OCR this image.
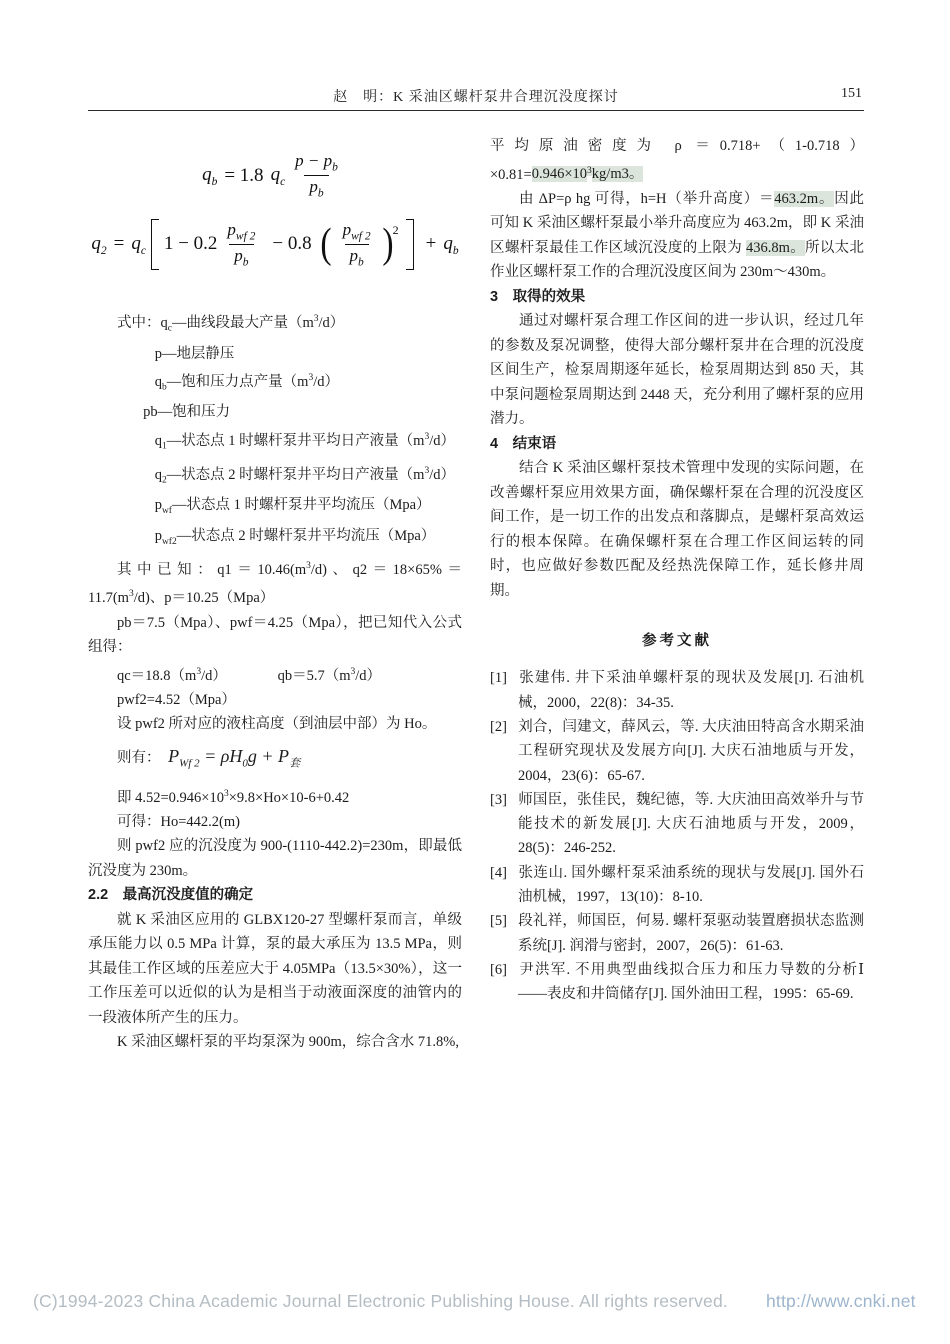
赵　明：K 采油区螺杆泵井合理沉没度探讨	151
$q_b = 1.8$ $q_c \frac{p - p_b}{p_b}$
$q_2 = q_c$ $1 - 0.2 \frac{p_{wf 2}}{p_b} - 0.8$ ( $\frac{p_{wf 2}}{p_b} )^2$
+ $q_b$
式中：$q_c—$曲线段最大产量$(m^3/d)$
p—地层静压
$q_b—$饱和压力点产量$(m^3/d)$
pb—饱和压力
$q_1—$状态点 1 时螺杆泵井平均日产液量$(m^3/d)$
$q_2—$状态点 2 时螺杆泵井平均日产液量$(m^3/d)$
$p_{wf}—$状态点 1 时螺杆泵井平均流压（Mpa）
$p_{wf2}—$状态点 2 时螺杆泵井平均流压（Mpa）
其中已知：$q1=10.46(m^3/d)$、$q2=18\times 65\%=11.7(m^3/d)$、p＝10.25（Mpa）
pb＝7.5（Mpa）、pwf＝4.25（Mpa），把已知代入公式组得：
$qc=18.8(m^3/d)$　　　　$qb=5.7(m^3/d)$
pwf2=4.52（Mpa）
设 pwf2 所对应的液柱高度（到油层中部）为 Ho。
则有： $P_{Wf 2} = \rho H_0g + P_套$
即 $4.52=0.946\times 10^3\times 9.8\times Ho\times 10-6+0.42$
可得：Ho=442.2(m)
则 pwf2 应的沉没度为 900-(1110-442.2)=230m，即最低沉没度为 230m。
2.2　最高沉没度值的确定
就 K 采油区应用的 GLBX120-27 型螺杆泵而言，单级承压能力以 0.5 MPa 计算，泵的最大承压为 13.5 MPa，则其最佳工作区域的压差应大于 4.05MPa（13.5×30%），这一工作压差可以近似的认为是相当于动液面深度的油管内的一段液体所产生的压力。
K 采油区螺杆泵的平均泵深为 900m，综合含水 71.8%,
平均原油密度为 $\rho =0.718+(1-0.718)\times 0.81=0.946\times 10^3kg/m3$。
由 ΔP=ρ hg 可得，h=H（举升高度）＝463.2m。因此可知 K 采油区螺杆泵最小举升高度应为 463.2m，即 K 采油区螺杆泵最佳工作区域沉没度的上限为 436.8m。所以太北作业区螺杆泵工作的合理沉没度区间为 230m～430m。
3　取得的效果
通过对螺杆泵合理工作区间的进一步认识，经过几年的参数及泵况调整，使得大部分螺杆泵井在合理的沉没度区间生产，检泵周期逐年延长，检泵周期达到 850 天，其中泵问题检泵周期达到 2448 天，充分利用了螺杆泵的应用潜力。
4　结束语
结合 K 采油区螺杆泵技术管理中发现的实际问题，在改善螺杆泵应用效果方面，确保螺杆泵在合理的沉没度区间工作，是一切工作的出发点和落脚点，是螺杆泵高效运行的根本保障。在确保螺杆泵在合理工作区间运转的同时，也应做好参数匹配及经热洗保障工作，延长修井周期。
参考文献
[1] 张建伟. 井下采油单螺杆泵的现状及发展[J]. 石油机械，2000，22(8)：34-35.
[2] 刘合，闫建文，薛风云，等. 大庆油田特高含水期采油工程研究现状及发展方向[J]. 大庆石油地质与开发，2004，23(6)：65-67.
[3] 师国臣，张佳民，魏纪德，等. 大庆油田高效举升与节能技术的新发展[J]. 大庆石油地质与开发，2009，28(5)：246-252.
[4] 张连山. 国外螺杆泵采油系统的现状与发展[J]. 国外石油机械，1997，13(10)：8-10.
[5] 段礼祥，师国臣，何易. 螺杆泵驱动装置磨损状态监测系统[J]. 润滑与密封，2007，26(5)：61-63.
[6] 尹洪军. 不用典型曲线拟合压力和压力导数的分析Ⅰ——表皮和井筒储存[J]. 国外油田工程，1995：65-69.
(C)1994-2023 China Academic Journal Electronic Publishing House. All rights reserved. http://www.cnki.net
